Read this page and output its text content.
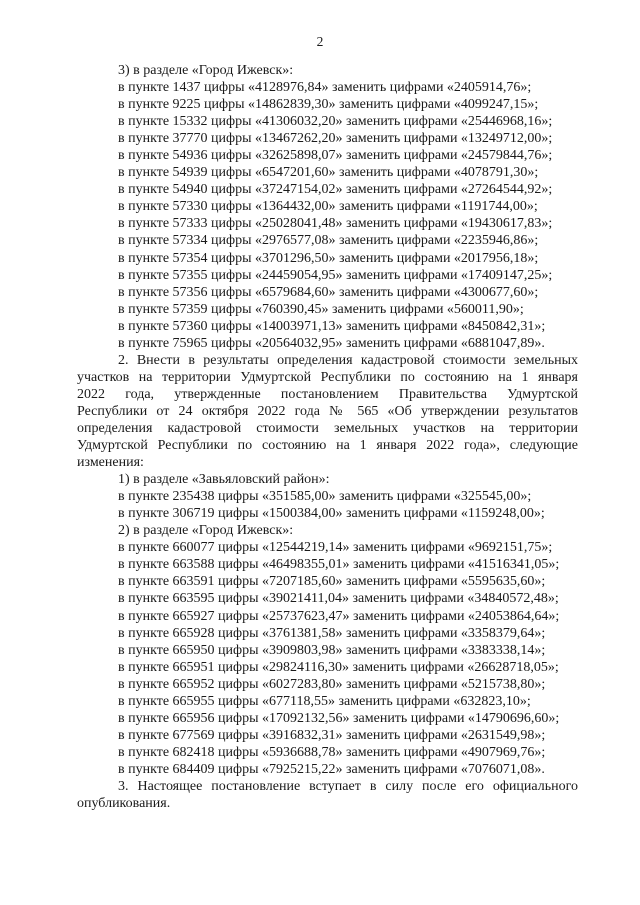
2
3) в разделе «Город Ижевск»:
в пункте 1437 цифры «4128976,84» заменить цифрами «2405914,76»;
в пункте 9225 цифры «14862839,30» заменить цифрами «4099247,15»;
в пункте 15332 цифры «41306032,20» заменить цифрами «25446968,16»;
в пункте 37770 цифры «13467262,20» заменить цифрами «13249712,00»;
в пункте 54936 цифры «32625898,07» заменить цифрами «24579844,76»;
в пункте 54939 цифры «6547201,60» заменить цифрами «4078791,30»;
в пункте 54940 цифры «37247154,02» заменить цифрами «27264544,92»;
в пункте 57330 цифры «1364432,00» заменить цифрами «1191744,00»;
в пункте 57333 цифры «25028041,48» заменить цифрами «19430617,83»;
в пункте 57334 цифры «2976577,08» заменить цифрами «2235946,86»;
в пункте 57354 цифры «3701296,50» заменить цифрами «2017956,18»;
в пункте 57355 цифры «24459054,95» заменить цифрами «17409147,25»;
в пункте 57356 цифры «6579684,60» заменить цифрами «4300677,60»;
в пункте 57359 цифры «760390,45» заменить цифрами «560011,90»;
в пункте 57360 цифры «14003971,13» заменить цифрами «8450842,31»;
в пункте 75965 цифры «20564032,95» заменить цифрами «6881047,89».
2. Внести в результаты определения кадастровой стоимости земельных
участков на территории Удмуртской Республики по состоянию на 1 января
2022 года, утвержденные постановлением Правительства Удмуртской
Республики от 24 октября 2022 года № 565 «Об утверждении результатов
определения кадастровой стоимости земельных участков на территории
Удмуртской Республики по состоянию на 1 января 2022 года», следующие
изменения:
1) в разделе «Завьяловский район»:
в пункте 235438 цифры «351585,00» заменить цифрами «325545,00»;
в пункте 306719 цифры «1500384,00» заменить цифрами «1159248,00»;
2) в разделе «Город Ижевск»:
в пункте 660077 цифры «12544219,14» заменить цифрами «9692151,75»;
в пункте 663588 цифры «46498355,01» заменить цифрами «41516341,05»;
в пункте 663591 цифры «7207185,60» заменить цифрами «5595635,60»;
в пункте 663595 цифры «39021411,04» заменить цифрами «34840572,48»;
в пункте 665927 цифры «25737623,47» заменить цифрами «24053864,64»;
в пункте 665928 цифры «3761381,58» заменить цифрами «3358379,64»;
в пункте 665950 цифры «3909803,98» заменить цифрами «3383338,14»;
в пункте 665951 цифры «29824116,30» заменить цифрами «26628718,05»;
в пункте 665952 цифры «6027283,80» заменить цифрами «5215738,80»;
в пункте 665955 цифры «677118,55» заменить цифрами «632823,10»;
в пункте 665956 цифры «17092132,56» заменить цифрами «14790696,60»;
в пункте 677569 цифры «3916832,31» заменить цифрами «2631549,98»;
в пункте 682418 цифры «5936688,78» заменить цифрами «4907969,76»;
в пункте 684409 цифры «7925215,22» заменить цифрами «7076071,08».
3. Настоящее постановление вступает в силу после его официального
опубликования.
